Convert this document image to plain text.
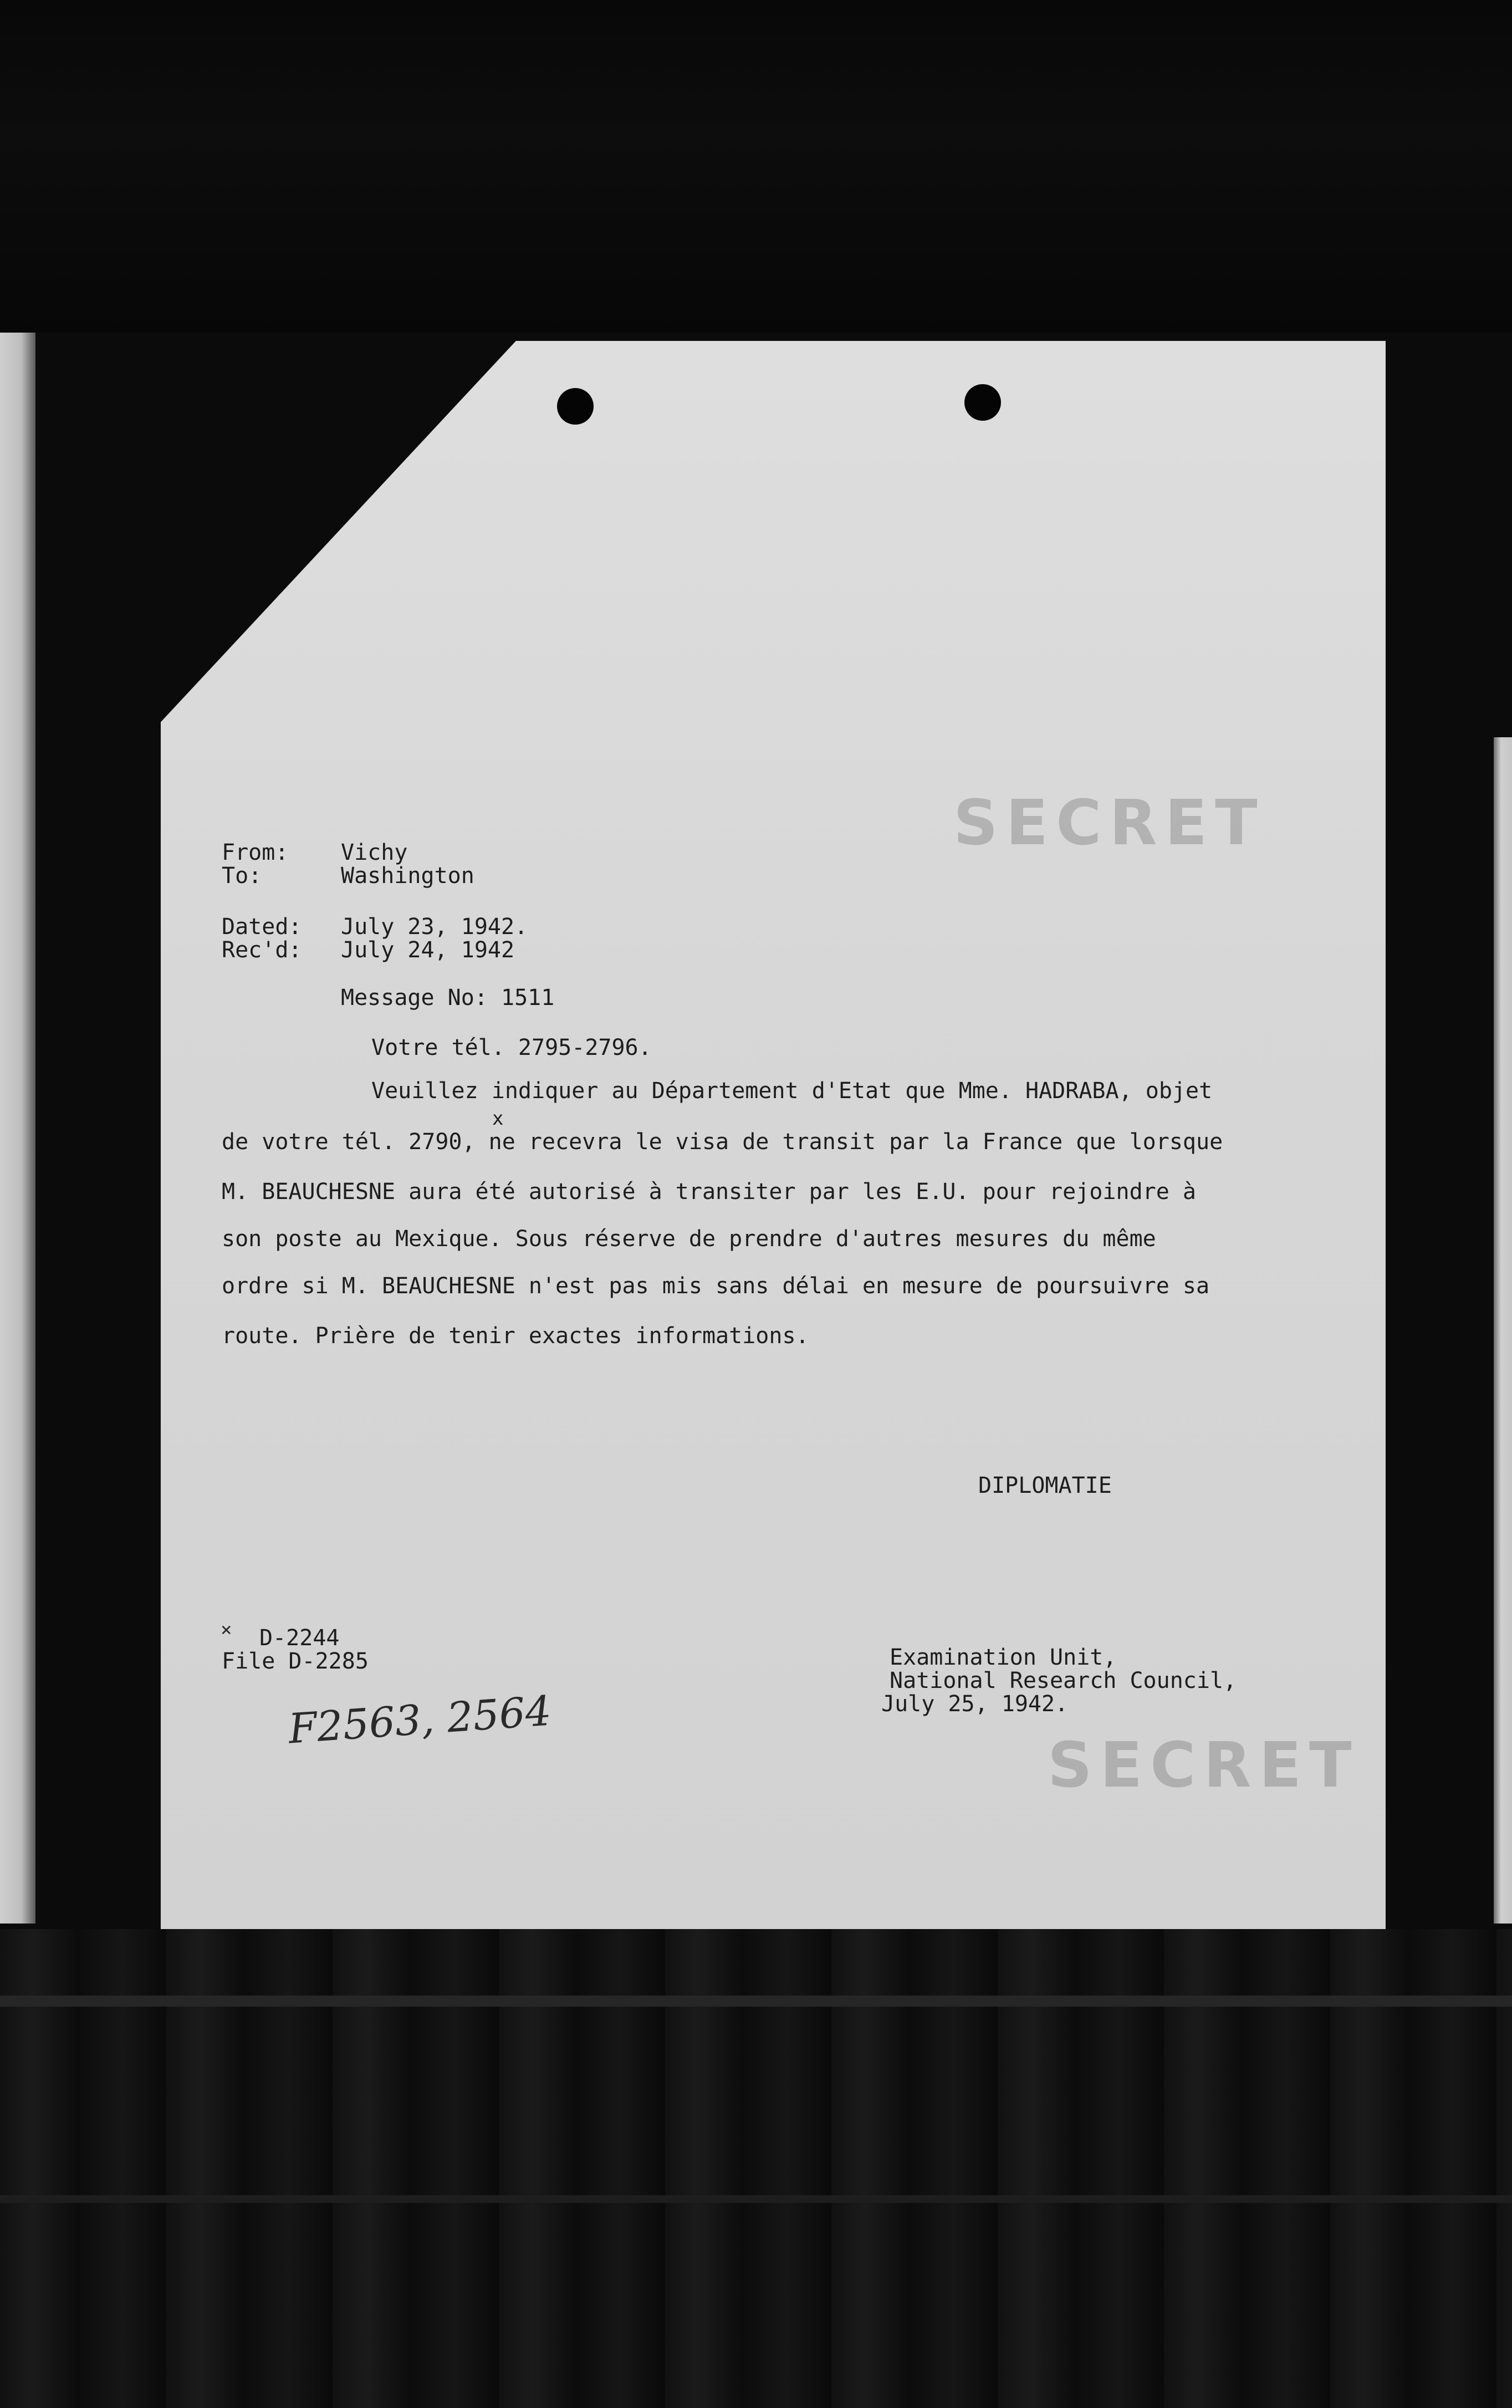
SECRET
SECRET
From: Vichy
To:	Washington
Dated: July 23, 1942.
Rec'd: July 24, 1942
Message No: 1511
Votre tél. 2795-2796.
Veuillez indiquer au Département d'Etat que Mme. HADRABA, objet
x
de votre tél. 2790, ne recevra le visa de transit par la France que lorsque
M. BEAUCHESNE aura été autorisé à transiter par les E.U. pour rejoindre à
son poste au Mexique. Sous réserve de prendre d'autres mesures du même
ordre si M. BEAUCHESNE n'est pas mis sans délai en mesure de poursuivre sa
route. Prière de tenir exactes informations.
DIPLOMATIE
× D-2244
File D-2285
F2563, 2564
Examination Unit,
National Research Council,
July 25, 1942.
